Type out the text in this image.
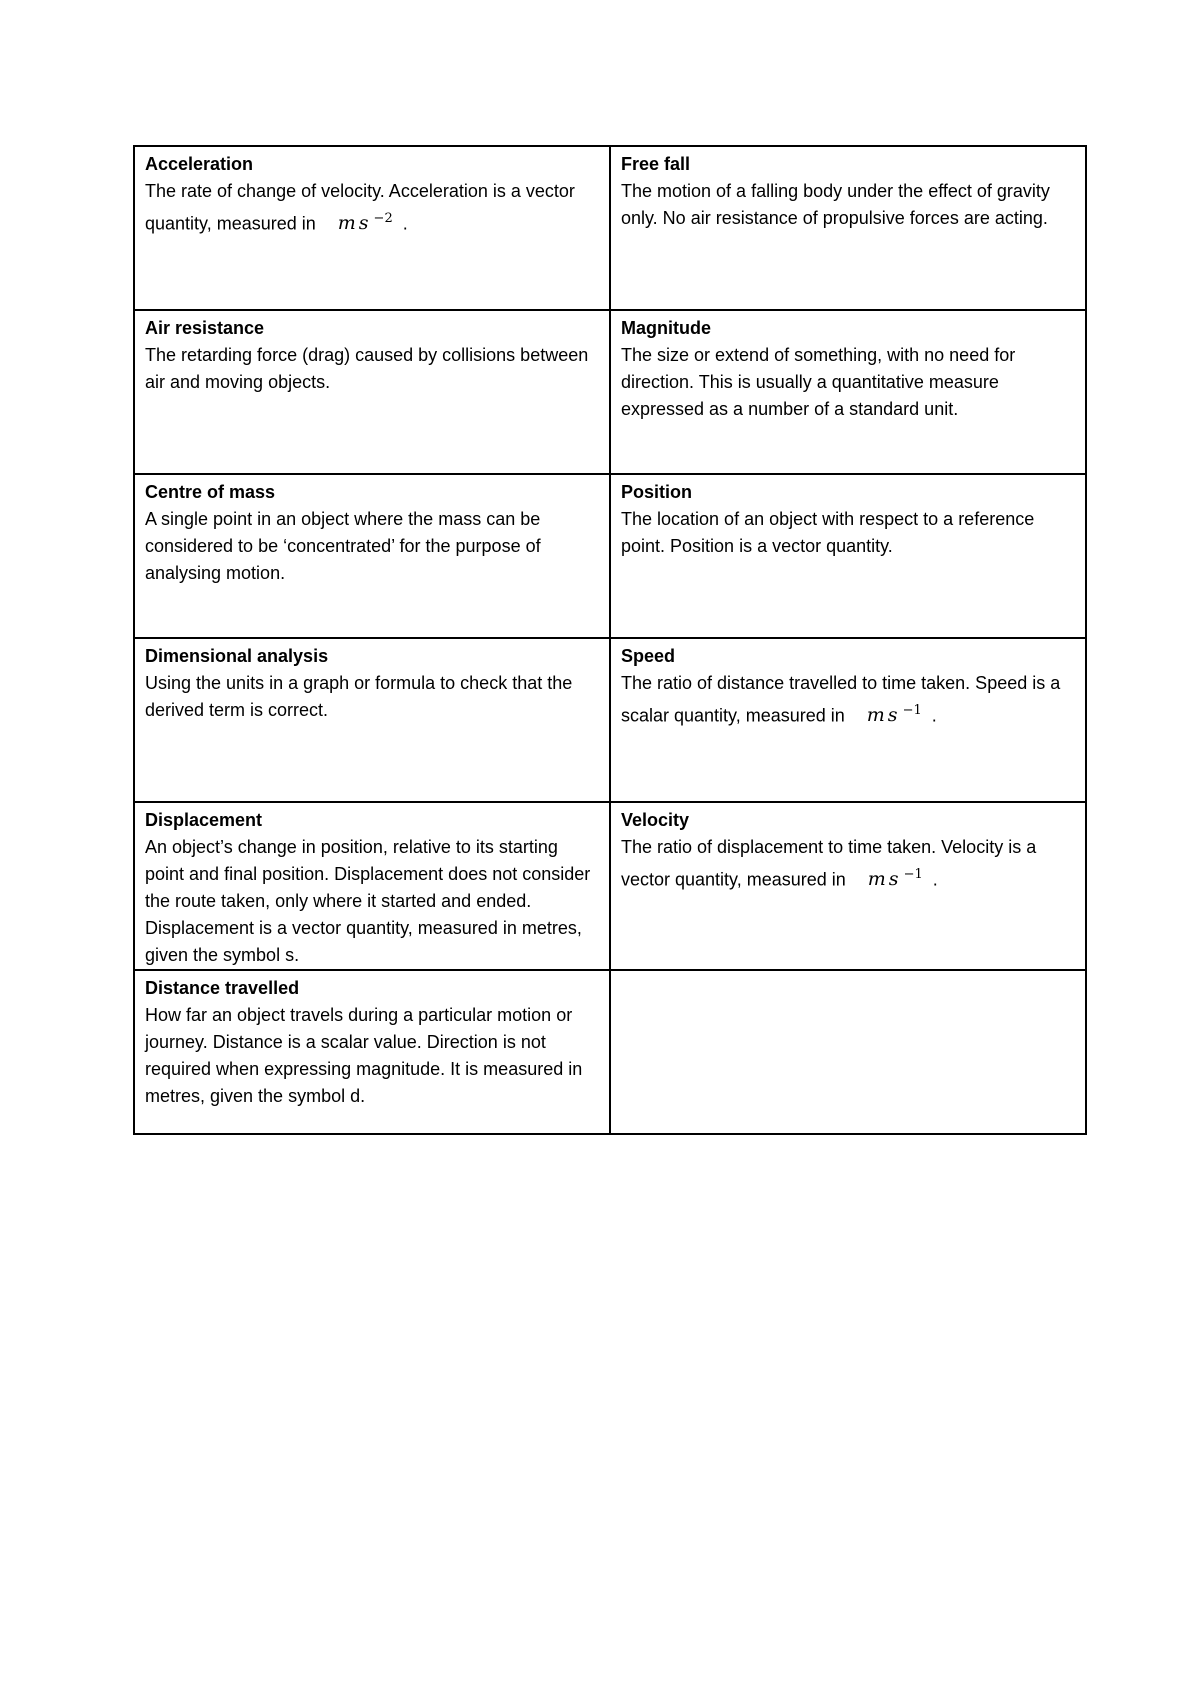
Acceleration
The rate of change of velocity. Acceleration is a vector quantity, measured in ms $^{-2}$ .	Free fall
The motion of a falling body under the effect of gravity only. No air resistance of propulsive forces are acting.

Air resistance
The retarding force (drag) caused by collisions between air and moving objects.	Magnitude
The size or extend of something, with no need for direction. This is usually a quantitative measure expressed as a number of a standard unit.

Centre of mass
A single point in an object where the mass can be considered to be ‘concentrated’ for the purpose of analysing motion.	Position
The location of an object with respect to a reference point. Position is a vector quantity.

Dimensional analysis
Using the units in a graph or formula to check that the derived term is correct.	Speed
The ratio of distance travelled to time taken. Speed is a scalar quantity, measured in ms $^{-1}$ .

Displacement
An object’s change in position, relative to its starting point and final position. Displacement does not consider the route taken, only where it started and ended. Displacement is a vector quantity, measured in metres, given the symbol s.	Velocity
The ratio of displacement to time taken. Velocity is a vector quantity, measured in ms $^{-1}$ .

Distance travelled
How far an object travels during a particular motion or journey. Distance is a scalar value. Direction is not required when expressing magnitude. It is measured in metres, given the symbol d.	
